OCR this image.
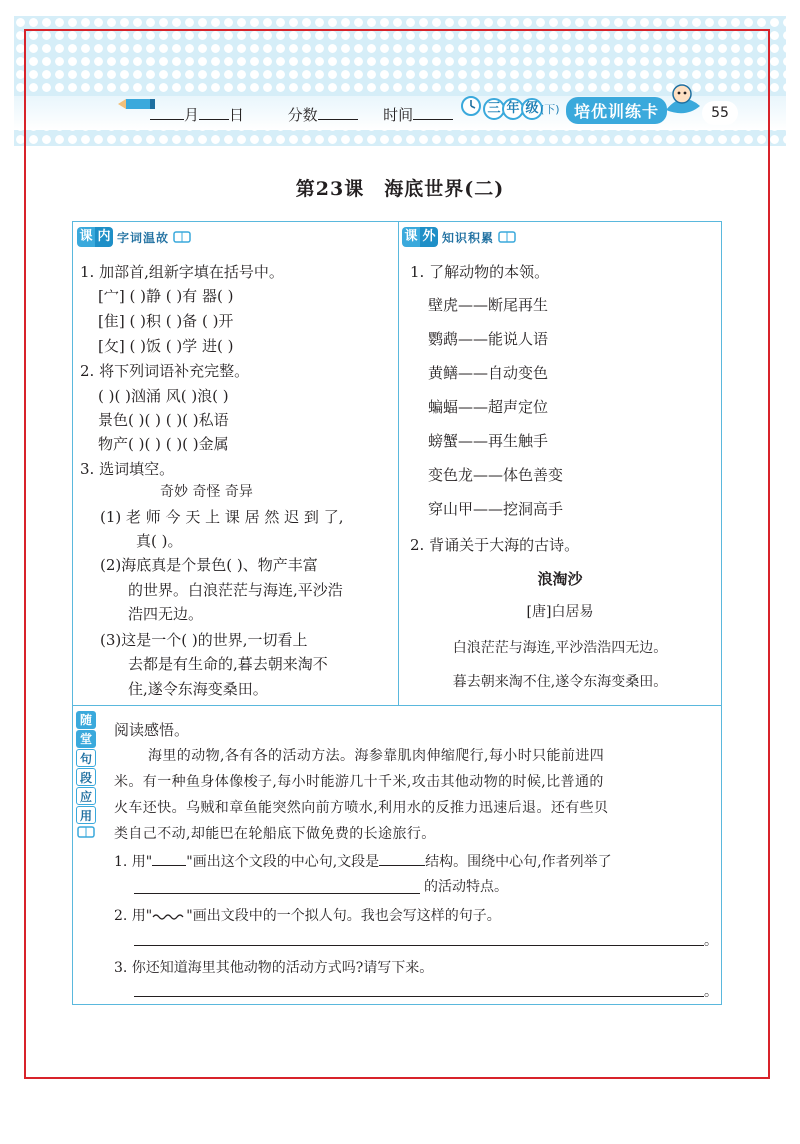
月 日	分数	时间	三 年 级 (下) 培优训练卡	55
第23课 海底世界(二)
课 内 字词温故	课 外 知识积累
1. 加部首,组新字填在括号中。
[宀] ( )静 ( )有 器( )
[隹] ( )积 ( )备 ( )开
[攵] ( )饭 ( )学 进( )
2. 将下列词语补充完整。
( )( )汹涌 风( )浪( )
景色( )( ) ( )( )私语
物产( )( ) ( )( )金属
3. 选词填空。
奇妙 奇怪 奇异
(1) 老 师 今 天 上 课 居 然 迟 到 了,
真( )。
(2)海底真是个景色( )、物产丰富
的世界。白浪茫茫与海连,平沙浩
浩四无边。
(3)这是一个( )的世界,一切看上
去都是有生命的,暮去朝来淘不
住,遂令东海变桑田。
1. 了解动物的本领。
壁虎——断尾再生
鹦鹉——能说人语
黄鳝——自动变色
蝙蝠——超声定位
螃蟹——再生触手
变色龙——体色善变
穿山甲——挖洞高手
2. 背诵关于大海的古诗。
浪淘沙
[唐]白居易
白浪茫茫与海连,平沙浩浩四无边。
暮去朝来淘不住,遂令东海变桑田。
随
堂
句
段
应
用
阅读感悟。
海里的动物,各有各的活动方法。海参靠肌肉伸缩爬行,每小时只能前进四
米。有一种鱼身体像梭子,每小时能游几十千米,攻击其他动物的时候,比普通的
火车还快。乌贼和章鱼能突然向前方喷水,利用水的反推力迅速后退。还有些贝
类自己不动,却能巴在轮船底下做免费的长途旅行。
1. 用" "画出这个文段的中心句,文段是	结构。围绕中心句,作者列举了
的活动特点。
2. 用" "画出文段中的一个拟人句。我也会写这样的句子。
。
3. 你还知道海里其他动物的活动方式吗?请写下来。
。
